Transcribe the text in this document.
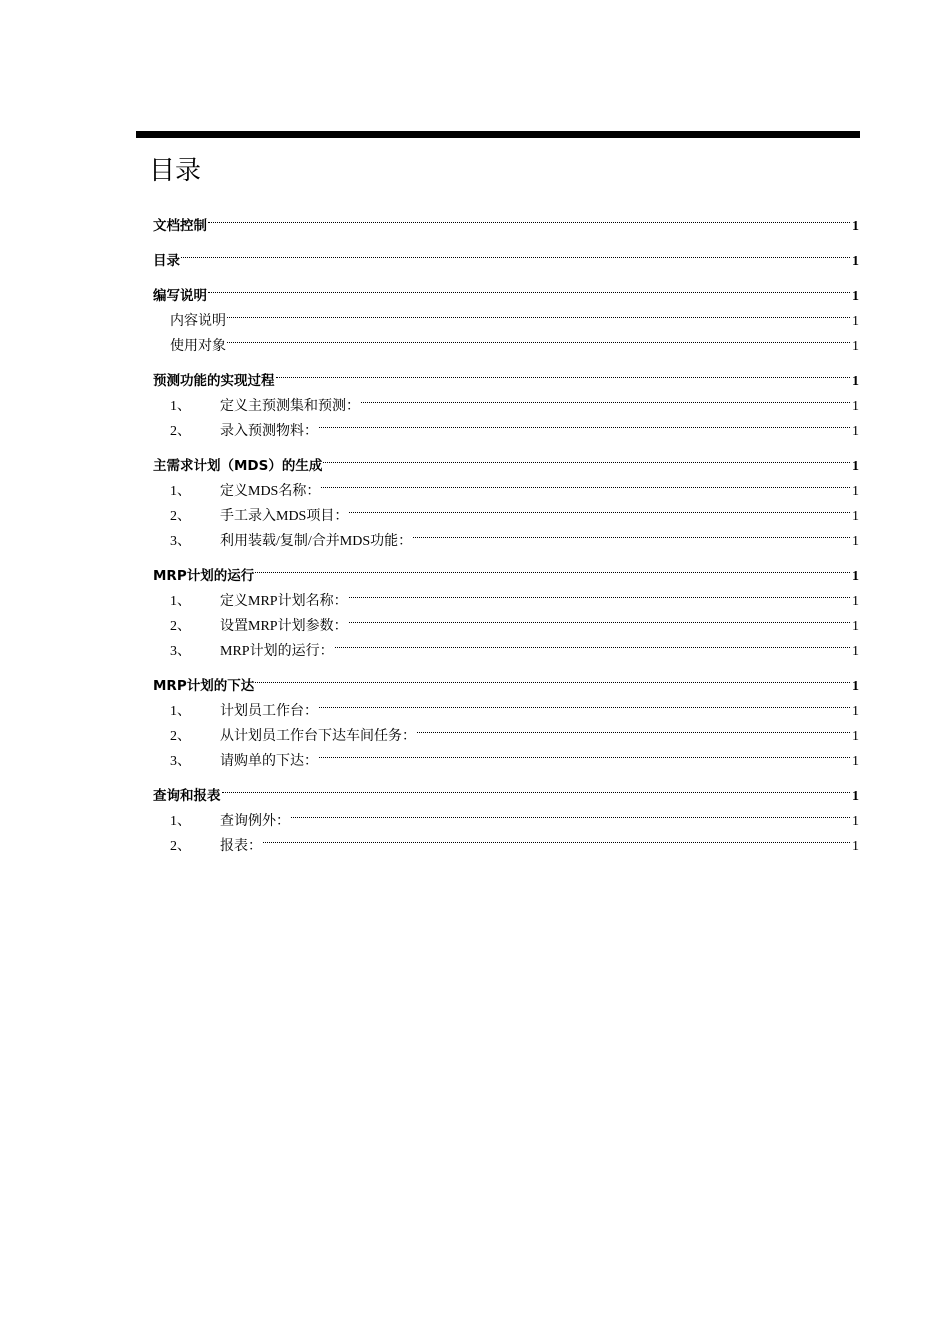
目录
文档控制	1
目录	1
编写说明	1
内容说明	1
使用对象	1
预测功能的实现过程	1
1、	定义主预测集和预测：	1
2、	录入预测物料：	1
主需求计划（MDS）的生成	1
1、	定义MDS名称：	1
2、	手工录入MDS项目：	1
3、	利用装载/复制/合并MDS功能：	1
MRP计划的运行	1
1、	定义MRP计划名称：	1
2、	设置MRP计划参数：	1
3、	MRP计划的运行：	1
MRP计划的下达	1
1、	计划员工作台：	1
2、	从计划员工作台下达车间任务：	1
3、	请购单的下达：	1
查询和报表	1
1、	查询例外：	1
2、	报表：	1
